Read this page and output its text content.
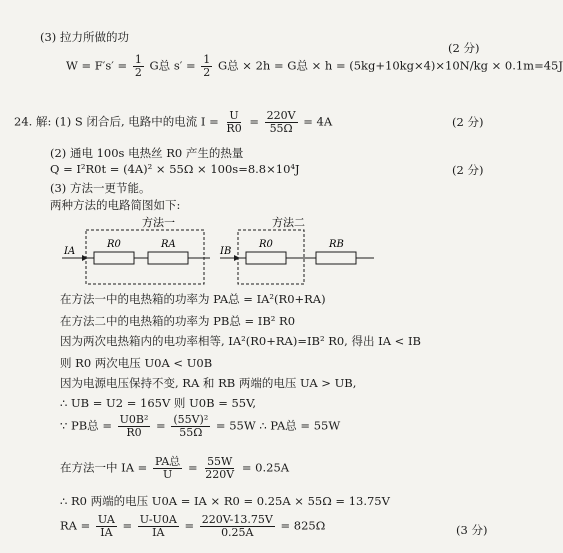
(3) 拉力所做的功
(2 分)
$W = F's' = \frac{1}{2}$ G总 $s' = \frac{1}{2}$ G总 × 2h = G总 × h = (5kg+10kg×4)×10N/kg × 0.1m=45J
24. 解: (1) S 闭合后, 电路中的电流 $I = \frac{U}{R0} = \frac{220V}{55\Omega} = 4A$	(2 分)
(2) 通电 100s 电热丝 R0 产生的热量
Q = I²R0t = (4A)² × 55Ω × 100s=8.8×10⁴J	(2 分)
(3) 方法一更节能。
两种方法的电路简图如下:
方法一
IA
R0	RA
方法二
IB
R0	RB
在方法一中的电热箱的功率为 PA总 = IA²(R0+RA)
在方法二中的电热箱的功率为 PB总 = IB² R0
因为两次电热箱内的电功率相等, IA²(R0+RA)=IB² R0, 得出 IA < IB
则 R0 两次电压 U0A < U0B
因为电源电压保持不变, RA 和 RB 两端的电压 UA > UB,
∴ UB = U2 = 165V 则 U0B = 55V,
∵ PB总 = $\frac{\text{U0B²}}{R0} = \frac{\text{(55V)²}}{55\Omega} = 55W$ ∴ PA总 = 55W
在方法一中 IA = $\frac{\text{PA总}}{U} = \frac{55W}{220V} = 0.25A$
∴ R0 两端的电压 U0A = IA × R0 = 0.25A × 55Ω = 13.75V
RA = $\frac{UA}{IA} = \frac{U-U0A}{IA} = \frac{220V-13.75V}{0.25A} = 825\Omega$	(3 分)
